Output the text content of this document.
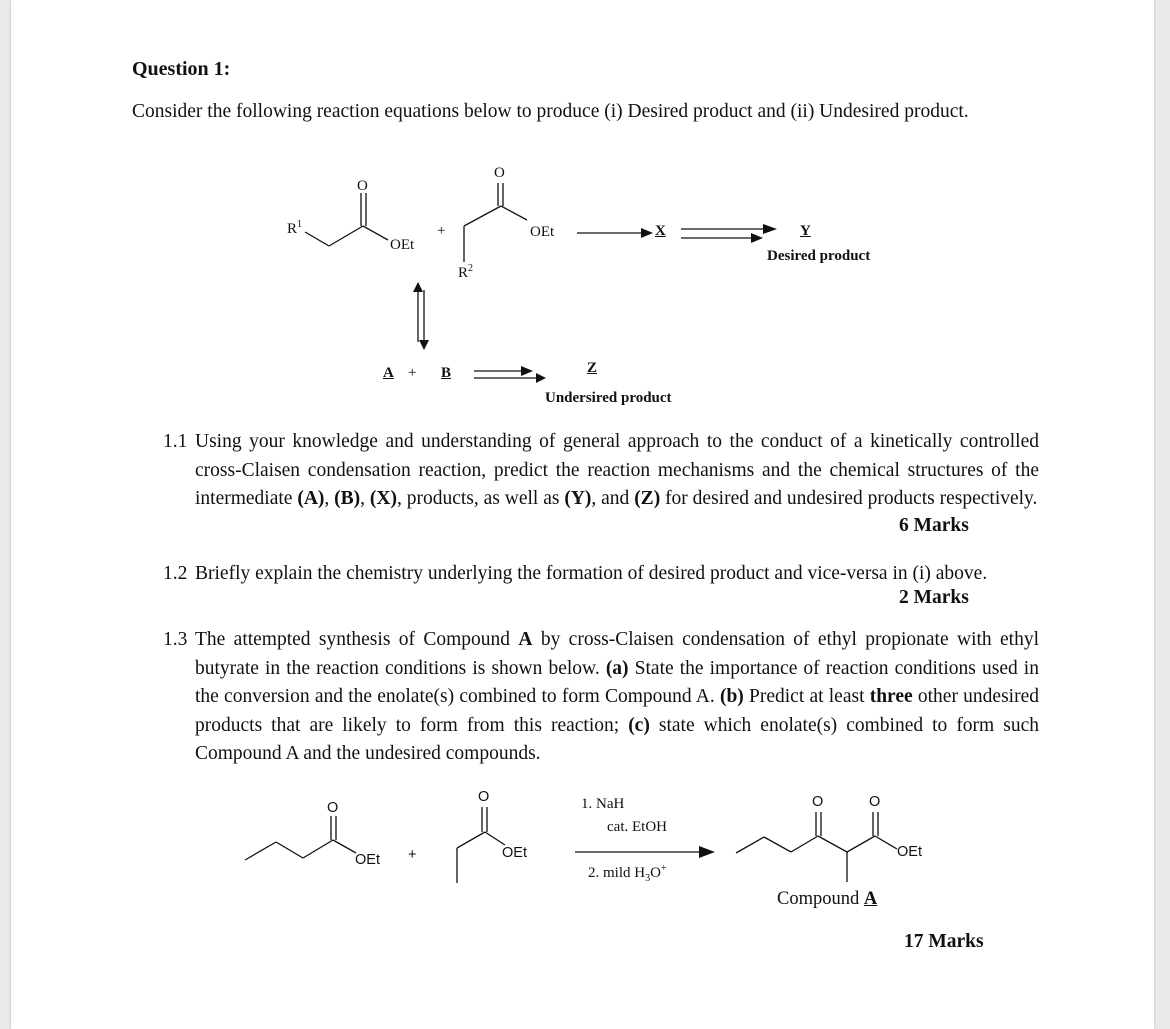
Question 1:
Consider the following reaction equations below to produce (i) Desired product and (ii) Undesired product.
$R^1$
O
OEt
+
O
OEt
$R^2$
X	Y
Desired product
A + B	Z
Undersired product
1.1 Using your knowledge and understanding of general approach to the conduct of a kinetically controlled cross-Claisen condensation reaction, predict the reaction mechanisms and the chemical structures of the intermediate (A), (B), (X), products, as well as (Y), and (Z) for desired and undesired products respectively.
6 Marks
1.2 Briefly explain the chemistry underlying the formation of desired product and vice-versa in (i) above.
2 Marks
1.3 The attempted synthesis of Compound A by cross-Claisen condensation of ethyl propionate with ethyl butyrate in the reaction conditions is shown below. (a) State the importance of reaction conditions used in the conversion and the enolate(s) combined to form Compound A. (b) Predict at least three other undesired products that are likely to form from this reaction; (c) state which enolate(s) combined to form such Compound A and the undesired compounds.
O
OEt +
O
OEt
1. NaH
cat. EtOH
2. mild $H_3O^+$
O	O
OEt
Compound A
17 Marks
